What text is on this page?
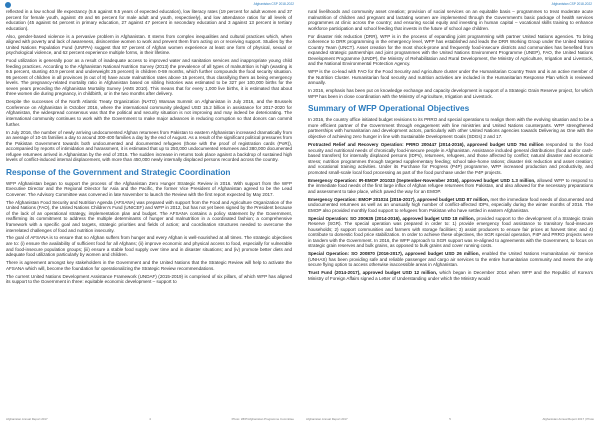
Afghanistan CSP 2018-2022

reflected in a low school life expectancy (5.6 against 9.5 years of expected education), low literacy rates (19 percent for adult women and 37 percent for female youth, against 49 and 66 percent for male adult and youth, respectively), and low attendance ratios for all levels of education (45 against 64 percent in primary education, 27 against 47 percent in secondary education and 3 against 13 percent in tertiary education).

Also, gender-based violence is a pervasive problem in Afghanistan. It stems from complex inequalities and cultural practices which, when aligned with poverty and lack of awareness, disincentive women to work and prevent them from acting on or receiving support. Studies by the United Nations Population Fund (UNFPA) suggest that 87 percent of Afghan women experience at least one form of physical, sexual or psychological violence, and 62 percent experience multiple forms, in their lifetime.

Food utilization is generally poor as a result of inadequate access to improved water and sanitation services and inappropriate young child feeding practices. According to the Afghanistan National Nutrition Survey (2013) the prevalence of all types of malnutrition is high (wasting is 9.5 percent, stunting 40.9 percent and underweight 25 percent) in children 0-59 months, which further compounds the food security situation. 95 percent of children in all provinces (6 out of 8) have acute malnutrition rates above 15 percent, thus classifying them as being emergency levels. The pregnancy-related mortality ratio in Afghanistan based on sibling histories was estimated to be 327 per 100,000 births for the seven years preceding the Afghanistan Mortality Survey (AMS 2010). This means that for every 1,000 live births, it is estimated that about three women die during pregnancy, in childbirth, or in the two months after delivery.

Despite the successes of the North Atlantic Treaty Organization (NATO) Warsaw Summit on Afghanistan in July 2016, and the Brussels Conference on Afghanistan in October 2016, where the international community pledged USD 15.2 billion in assistance for 2017-2020 for Afghanistan, the widespread consensus was that the political and security situation is not improving and may indeed be deteriorating. The international community continues to work with the Government to make major advances in reducing corruption so that donors can commit further.

In July 2016, the number of newly arriving undocumented Afghan returnees from Pakistan to eastern Afghanistan increased dramatically from an average of 10-15 families a day to around 300-400 families a day by the end of August. As a result of the significant political pressures from the Pakistan Government towards both undocumented and documented refugees (those with the proof of registration cards (PoR)), accompanied by reports of intimidation and harassment, it is estimated that up to 250,000 undocumented returnees and 380,000 documented refugee returnees arrived in Afghanistan by the end of 2016. The sudden increase in returns took place against a backdrop of sustained high levels of conflict-induced internal displacement, with more than 450,000 newly internally displaced persons recorded across the country.

Response of the Government and Strategic Coordination

WFP Afghanistan began to support the process of the Afghanistan Zero Hunger Strategic Review in 2016. With support from the WFP Executive Director and the Regional Director for Asia and the Pacific, the former Vice President of Afghanistan agreed to be the Lead Convener. The Advisory Committee was convened in late November to launch the Review with the first report expected by May 2017.

The Afghanistan Food Security and Nutrition Agenda (AFSANA) was prepared with support from the Food and Agriculture Organization of the United Nations (FAO), the United Nations Children's Fund (UNICEF) and WFP in 2012, but has not yet been signed by the President because of the lack of an operational strategy, implementation plan and budget. The AFSANA contains a policy statement by the Government, reaffirming its commitment to address the multiple determinants of hunger and malnutrition in a coordinated fashion; a comprehensive framework with a specific goal and targets, strategic priorities and fields of action; and coordination structures needed to overcome the interrelated challenges of food and nutrition insecurity.

The goal of AFSANA is to ensure that no Afghan suffers from hunger and every Afghan is well-nourished at all times. The strategic objectives are to: (i) ensure the availability of sufficient food for all Afghans; (ii) improve economic and physical access to food, especially for vulnerable and food-insecure population groups; (iii) ensure a stable food supply over time and in disaster situations; and (iv) promote better diets and adequate food utilization particularly by women and children.

There is agreement amongst key stakeholders in the Government and the United Nations that the Strategic Review will help to activate the AFSANA which will, become the foundation for operationalizing the Strategic Review recommendations.

The current United Nations Development Assistance Framework (UNDAF) (2015-2019) is comprised of six pillars, of which WFP has aligned its support to the Government in three: equitable economic development – support to

Afghanistan Annual Report 2017	4	Photo: WFP/Afghanistan Programme Committee
Afghanistan CSP 2018-2022

rural livelihoods and community asset creation; provision of social services on an equitable basis – programmes to treat moderate acute malnutrition of children and pregnant and lactating women are implemented through the Government's basic package of health services programmes at clinic across the country; and ensuring social equity and investing in human capital – vocational skills training to enhance workforce participation and school feeding that invests in the future of school age children.

For disaster risk reduction (DRR), WFP is in the process of expanding joint programming with partner United Nations agencies. To bring coherence to DRR programming in the emergency level, WFP has established and leads the DRR Working Group under the United Nations Country Team (UNCT). Asset creation for the most shock-prone and frequently food-insecure districts and communities has benefited from expanded strategic partnerships and joint programmes with the United Nations Environment Programme (UNEP), FAO, the United Nations Development Programme (UNDP), the Ministry of Rehabilitation and Rural Development, the Ministry of Agriculture, Irrigation and Livestock, and the National Environmental Protection Agency.

WFP is the co-lead with FAO for the Food Security and Agriculture cluster under the Humanitarian Country Team and is an active member of the Nutrition Cluster. Humanitarian food security and nutrition activities are included in the Humanitarian Response Plan which is reviewed annually.

In 2016, emphasis has been put on knowledge exchange and capacity development in support of a Strategic Grain Reserve project, for which WFP has been in close coordination with the Ministry of Agriculture, Irrigation and Livestock.

Summary of WFP Operational Objectives

In 2016, the country office initiated budget revisions to its PRRO and special operations to realign them with the evolving situation and to be a more efficient partner of the Government through engagement with line ministries and United Nations counterparts. WFP strengthened partnerships with humanitarian and development actors, particularly with other United Nations agencies towards Delivering as One with the objective of achieving zero hunger in line with Sustainable Development Goals (SDGs) 2 and 17.

Protracted Relief and Recovery Operation: PRRO 200447 (2014-2016), approved budget USD 764 million responded to the food security and nutritional needs of chronically food-insecure people in Afghanistan. Assistance included general distributions (food and/or cash-based transfers) for internally displaced persons (IDPs), returnees, refugees, and those affected by conflict; natural disaster and economic stress; nutrition programmes through targeted supplementary feeding; school take-home rations; disaster risk reduction and asset creation; and vocational training activities. Under its Purchase for Progress (P4P) programme, WFP increased production and productivity, and promoted small-scale local food processing as part of the food purchase under the P4P projects.

Emergency Operation: IR-EMOP 201033 (September-November 2016), approved budget USD 1.3 million, allowed WFP to respond to the immediate food needs of the first large influx of Afghan refugee returnees from Pakistan, and also allowed for the necessary preparations and assessment to take place, which paved the way for an EMOP.

Emergency Operation: EMOP 201024 (2016-2017), approved budget USD 87 million, met the immediate food needs of documented and undocumented returnees as well as an unusually high number of conflict-affected IDPs, especially during the winter months of 2016. The EMOP also provided monthly food support to refugees from Pakistan who have settled in eastern Afghanistan.

Special Operation: SO 200635 (2014-2016), approved budget USD 18 million, provided support to the development of a Strategic Grain Reserve (SGR). The special operation was prepared in order to: 1) provide emergency food assistance to transitory food-insecure households; 2) support communities and farmers with storage facilities; 3) assist producers to ensure fair prices at harvest time; and 4) contribute to domestic food price stabilization. In order to achieve these objectives, the SGR special operation, P4P and PRRO projects were in tandem with the Government. In 2016, the WFP approach to SGR support was re-aligned to agreements with the Government, to focus on strategic grain reserves and bulk grains, as opposed to bulk grains and cover running costs.

Special Operation: SO 200870 (2016-2017), approved budget USD 26 million, enabled the United Nations Humanitarian Air Service (UNHAS) has been providing safe and reliable passenger and cargo air services to the entire humanitarian community and meets the only secure flying option to access otherwise inaccessible areas in Afghanistan.

Trust Fund (2014-2017), approved budget USD 12 million, which began in December 2014 when WFP and the Republic of Korea's Ministry of Foreign Affairs signed a Letter of Understanding under which the Ministry would

Afghanistan Annual Report 2017	5	Afghanistan Annual Report 2017 | Photo
